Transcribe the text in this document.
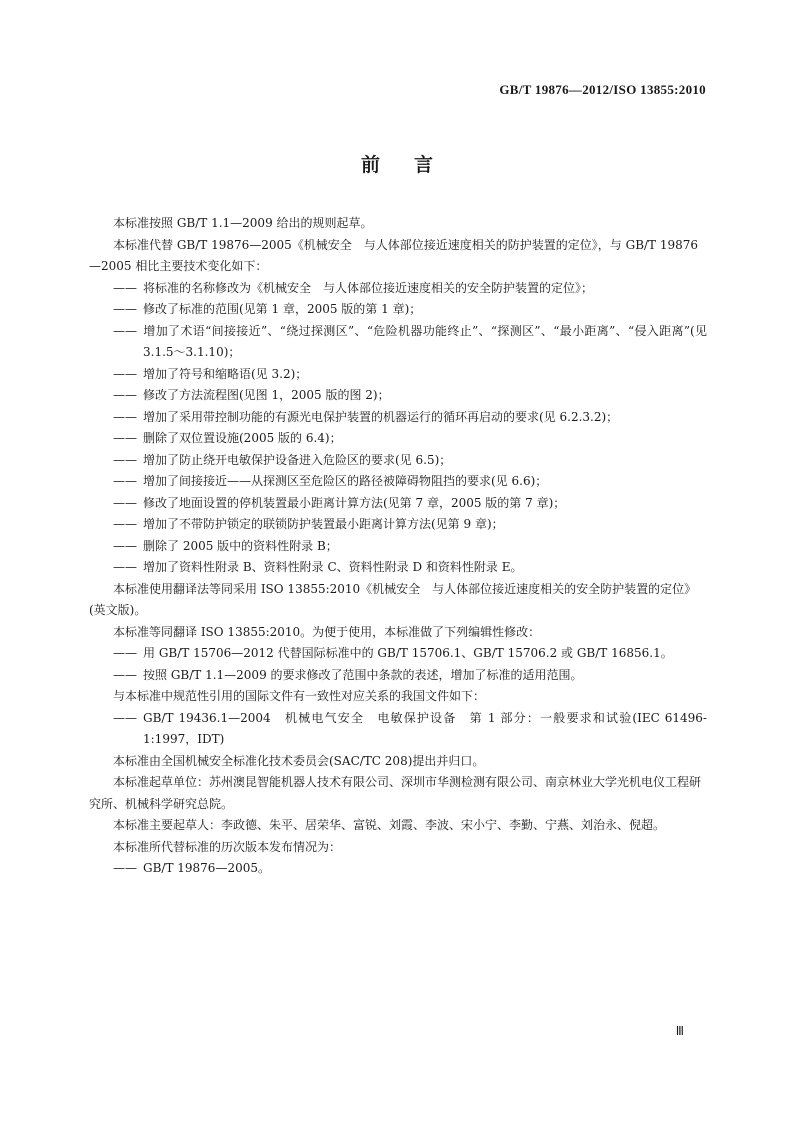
GB/T 19876—2012/ISO 13855:2010
前言

本标准按照 GB/T 1.1—2009 给出的规则起草。

本标准代替 GB/T 19876—2005《机械安全　与人体部位接近速度相关的防护装置的定位》，与 GB/T 19876—2005 相比主要技术变化如下：

—— 将标准的名称修改为《机械安全　与人体部位接近速度相关的安全防护装置的定位》；

—— 修改了标准的范围(见第 1 章，2005 版的第 1 章)；

—— 增加了术语“间接接近”、“绕过探测区”、“危险机器功能终止”、“探测区”、“最小距离”、“侵入距离”(见 3.1.5～3.1.10)；

—— 增加了符号和缩略语(见 3.2)；

—— 修改了方法流程图(见图 1，2005 版的图 2)；

—— 增加了采用带控制功能的有源光电保护装置的机器运行的循环再启动的要求(见 6.2.3.2)；

—— 删除了双位置设施(2005 版的 6.4)；

—— 增加了防止绕开电敏保护设备进入危险区的要求(见 6.5)；

—— 增加了间接接近——从探测区至危险区的路径被障碍物阻挡的要求(见 6.6)；

—— 修改了地面设置的停机装置最小距离计算方法(见第 7 章，2005 版的第 7 章)；

—— 增加了不带防护锁定的联锁防护装置最小距离计算方法(见第 9 章)；

—— 删除了 2005 版中的资料性附录 B；

—— 增加了资料性附录 B、资料性附录 C、资料性附录 D 和资料性附录 E。

本标准使用翻译法等同采用 ISO 13855:2010《机械安全　与人体部位接近速度相关的安全防护装置的定位》(英文版)。

本标准等同翻译 ISO 13855:2010。为便于使用，本标准做了下列编辑性修改：

—— 用 GB/T 15706—2012 代替国际标准中的 GB/T 15706.1、GB/T 15706.2 或 GB/T 16856.1。

—— 按照 GB/T 1.1—2009 的要求修改了范围中条款的表述，增加了标准的适用范围。

与本标准中规范性引用的国际文件有一致性对应关系的我国文件如下：

—— GB/T 19436.1—2004　机械电气安全　电敏保护设备　第 1 部分：一般要求和试验(IEC 61496-1:1997，IDT)

本标准由全国机械安全标准化技术委员会(SAC/TC 208)提出并归口。

本标准起草单位：苏州澳昆智能机器人技术有限公司、深圳市华测检测有限公司、南京林业大学光机电仪工程研究所、机械科学研究总院。

本标准主要起草人：李政德、朱平、居荣华、富锐、刘霞、李波、宋小宁、李勤、宁燕、刘治永、倪超。

本标准所代替标准的历次版本发布情况为：

—— GB/T 19876—2005。

Ⅲ
